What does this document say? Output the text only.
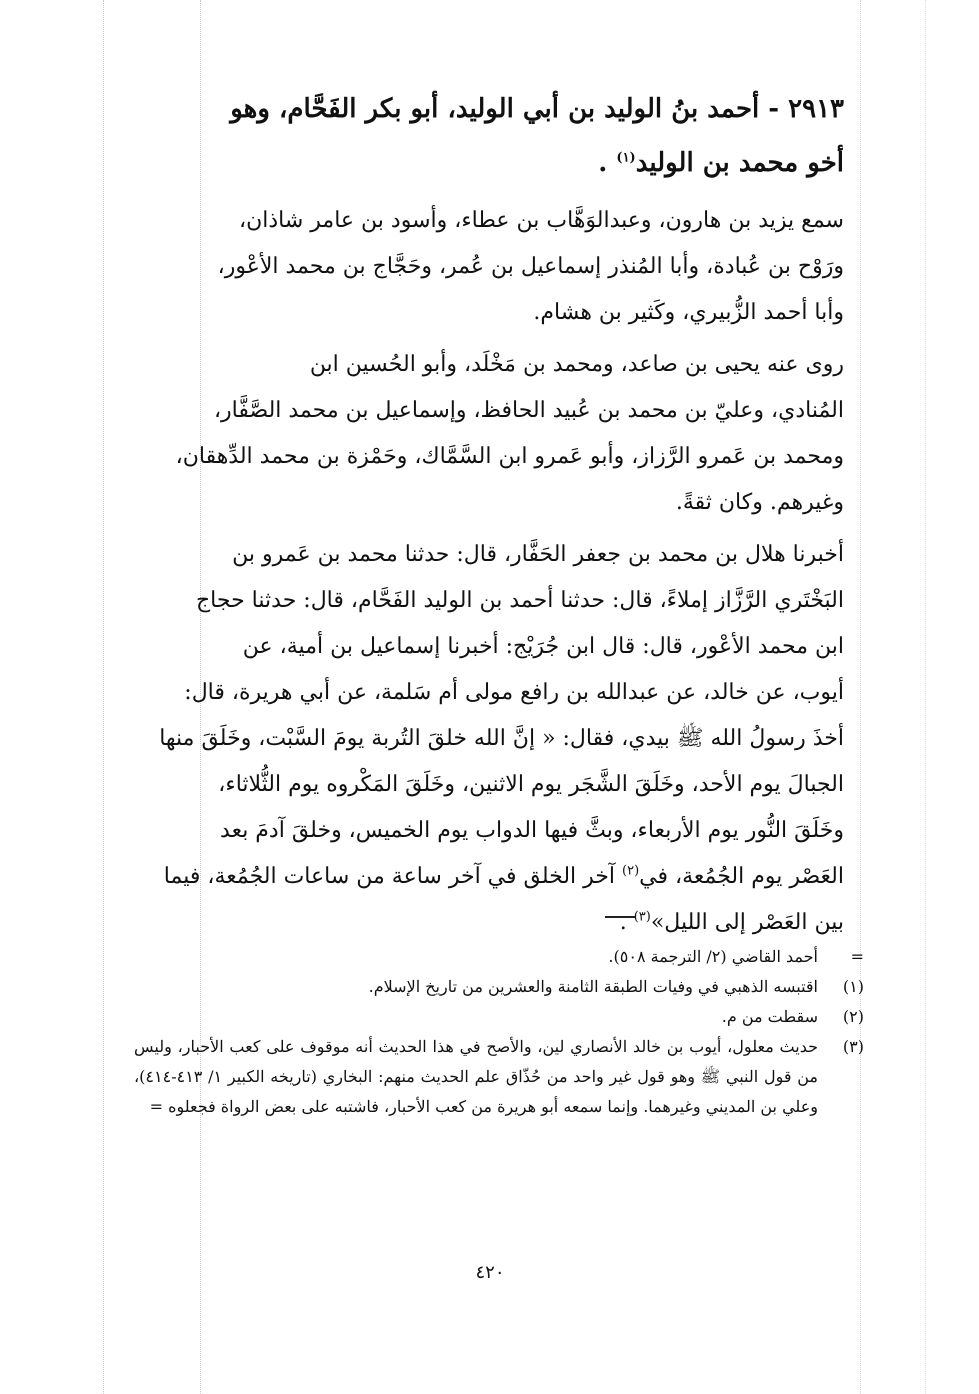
٢٩١٣ - أحمد بنُ الوليد بن أبي الوليد، أبو بكر الفَحَّام، وهو
أخو محمد بن الوليد$^{(١)}$ .
سمع يزيد بن هارون، وعبدالوَهَّاب بن عطاء، وأسود بن عامر شاذان،
ورَوْح بن عُبادة، وأبا المُنذر إسماعيل بن عُمر، وحَجَّاج بن محمد الأعْور،
وأبا أحمد الزُّبيري، وكَثير بن هشام.
روى عنه يحيى بن صاعد، ومحمد بن مَخْلَد، وأبو الحُسين ابن
المُنادي، وعليّ بن محمد بن عُبيد الحافظ، وإسماعيل بن محمد الصَّفَّار،
ومحمد بن عَمرو الرَّزاز، وأبو عَمرو ابن السَّمَّاك، وحَمْزة بن محمد الدِّهقان،
وغيرهم. وكان ثقةً.
أخبرنا هلال بن محمد بن جعفر الحَفَّار، قال: حدثنا محمد بن عَمرو بن
البَخْتَري الرَّزَّاز إملاءً، قال: حدثنا أحمد بن الوليد الفَحَّام، قال: حدثنا حجاج
ابن محمد الأعْور، قال: قال ابن جُرَيْج: أخبرنا إسماعيل بن أمية، عن
أيوب، عن خالد، عن عبدالله بن رافع مولى أم سَلمة، عن أبي هريرة، قال:
أخذَ رسولُ الله ﷺ بيدي، فقال: « إنَّ الله خلقَ التُربة يومَ السَّبْت، وخَلَقَ منها
الجبالَ يوم الأحد، وخَلَقَ الشَّجَر يوم الاثنين، وخَلَقَ المَكْروه يوم الثُّلاثاء،
وخَلَقَ النُّور يوم الأربعاء، وبثَّ فيها الدواب يوم الخميس، وخلقَ آدمَ بعد
العَصْر يوم الجُمُعة، في$^{(٢)}$ آخر الخلق في آخر ساعة من ساعات الجُمُعة، فيما
بين العَصْر إلى الليل»$^{(٣)}$ .
=
أحمد القاضي (٢/ الترجمة ٥٠٨).
(١)
اقتبسه الذهبي في وفيات الطبقة الثامنة والعشرين من تاريخ الإسلام.
(٢)
سقطت من م.
(٣)
حديث معلول، أيوب بن خالد الأنصاري لين، والأصح في هذا الحديث أنه موقوف على كعب الأحبار، وليس من قول النبي ﷺ وهو قول غير واحد من حُذّاق علم الحديث منهم: البخاري (تاريخه الكبير ١/ ٤١٣-٤١٤)، وعلي بن المديني وغيرهما. وإنما سمعه أبو هريرة من كعب الأحبار، فاشتبه على بعض الرواة فجعلوه =
٤٢٠
